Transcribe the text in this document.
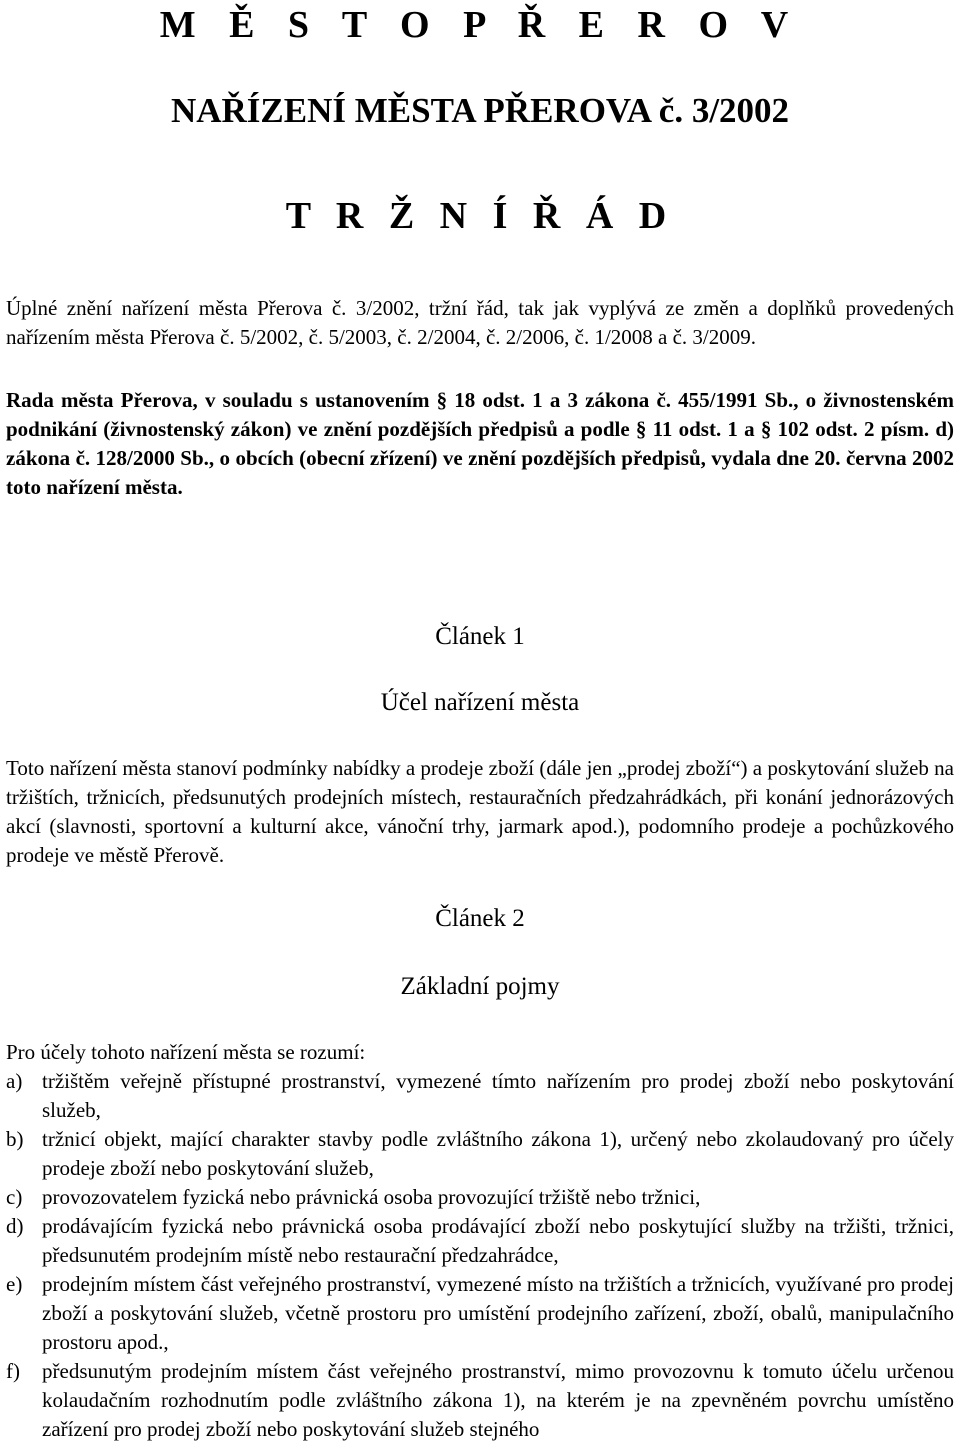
M Ě S T O P Ř E R O V
NAŘÍZENÍ MĚSTA PŘEROVA č. 3/2002
T R Ž N Í Ř Á D

Úplné znění nařízení města Přerova č. 3/2002, tržní řád, tak jak vyplývá ze změn a doplňků provedených nařízením města Přerova č. 5/2002, č. 5/2003, č. 2/2004, č. 2/2006, č. 1/2008 a č. 3/2009.

Rada města Přerova, v souladu s ustanovením § 18 odst. 1 a 3 zákona č. 455/1991 Sb., o živnostenském podnikání (živnostenský zákon) ve znění pozdějších předpisů a podle § 11 odst. 1 a § 102 odst. 2 písm. d) zákona č. 128/2000 Sb., o obcích (obecní zřízení) ve znění pozdějších předpisů, vydala dne 20. června 2002 toto nařízení města.

Článek 1
Účel nařízení města

Toto nařízení města stanoví podmínky nabídky a prodeje zboží (dále jen „prodej zboží“) a poskytování služeb na tržištích, tržnicích, předsunutých prodejních místech, restauračních předzahrádkách, při konání jednorázových akcí (slavnosti, sportovní a kulturní akce, vánoční trhy, jarmark apod.), podomního prodeje a pochůzkového prodeje ve městě Přerově.

Článek 2
Základní pojmy

Pro účely tohoto nařízení města se rozumí:

a) tržištěm veřejně přístupné prostranství, vymezené tímto nařízením pro prodej zboží nebo poskytování služeb,
b) tržnicí objekt, mající charakter stavby podle zvláštního zákona 1), určený nebo zkolaudovaný pro účely prodeje zboží nebo poskytování služeb,
c) provozovatelem fyzická nebo právnická osoba provozující tržiště nebo tržnici,
d) prodávajícím fyzická nebo právnická osoba prodávající zboží nebo poskytující služby na tržišti, tržnici, předsunutém prodejním místě nebo restaurační předzahrádce,
e) prodejním místem část veřejného prostranství, vymezené místo na tržištích a tržnicích, využívané pro prodej zboží a poskytování služeb, včetně prostoru pro umístění prodejního zařízení, zboží, obalů, manipulačního prostoru apod.,
f)	předsunutým prodejním místem část veřejného prostranství, mimo provozovnu k tomuto účelu určenou kolaudačním rozhodnutím podle zvláštního zákona 1), na kterém je na zpevněném povrchu umístěno zařízení pro prodej zboží nebo poskytování služeb stejného
